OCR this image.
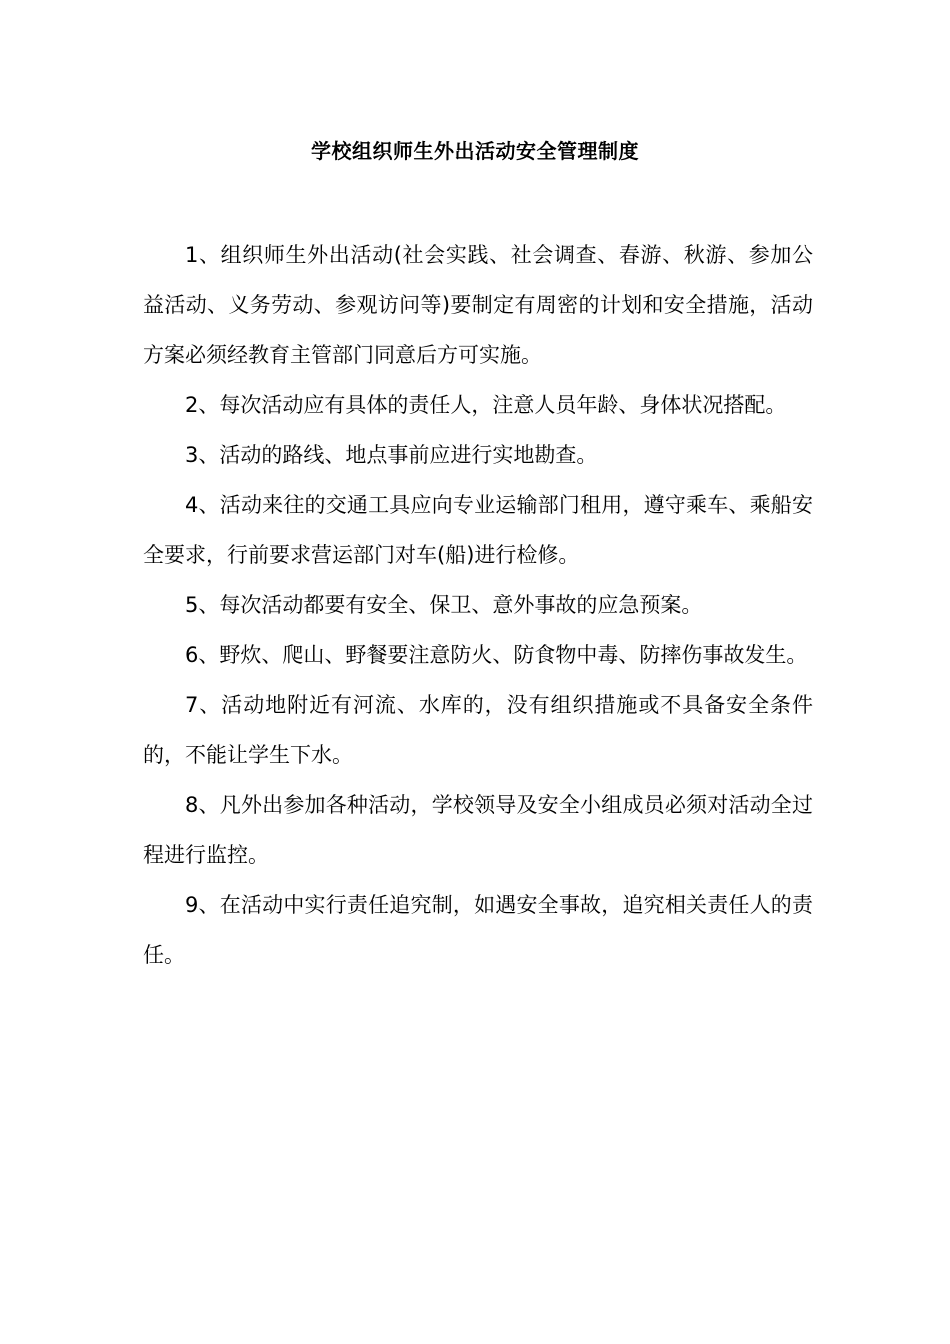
学校组织师生外出活动安全管理制度

1、组织师生外出活动(社会实践、社会调查、春游、秋游、参加公益活动、义务劳动、参观访问等)要制定有周密的计划和安全措施，活动方案必须经教育主管部门同意后方可实施。

2、每次活动应有具体的责任人，注意人员年龄、身体状况搭配。

3、活动的路线、地点事前应进行实地勘查。

4、活动来往的交通工具应向专业运输部门租用，遵守乘车、乘船安全要求，行前要求营运部门对车(船)进行检修。

5、每次活动都要有安全、保卫、意外事故的应急预案。

6、野炊、爬山、野餐要注意防火、防食物中毒、防摔伤事故发生。

7、活动地附近有河流、水库的，没有组织措施或不具备安全条件的，不能让学生下水。

8、凡外出参加各种活动，学校领导及安全小组成员必须对活动全过程进行监控。

9、在活动中实行责任追究制，如遇安全事故，追究相关责任人的责任。
